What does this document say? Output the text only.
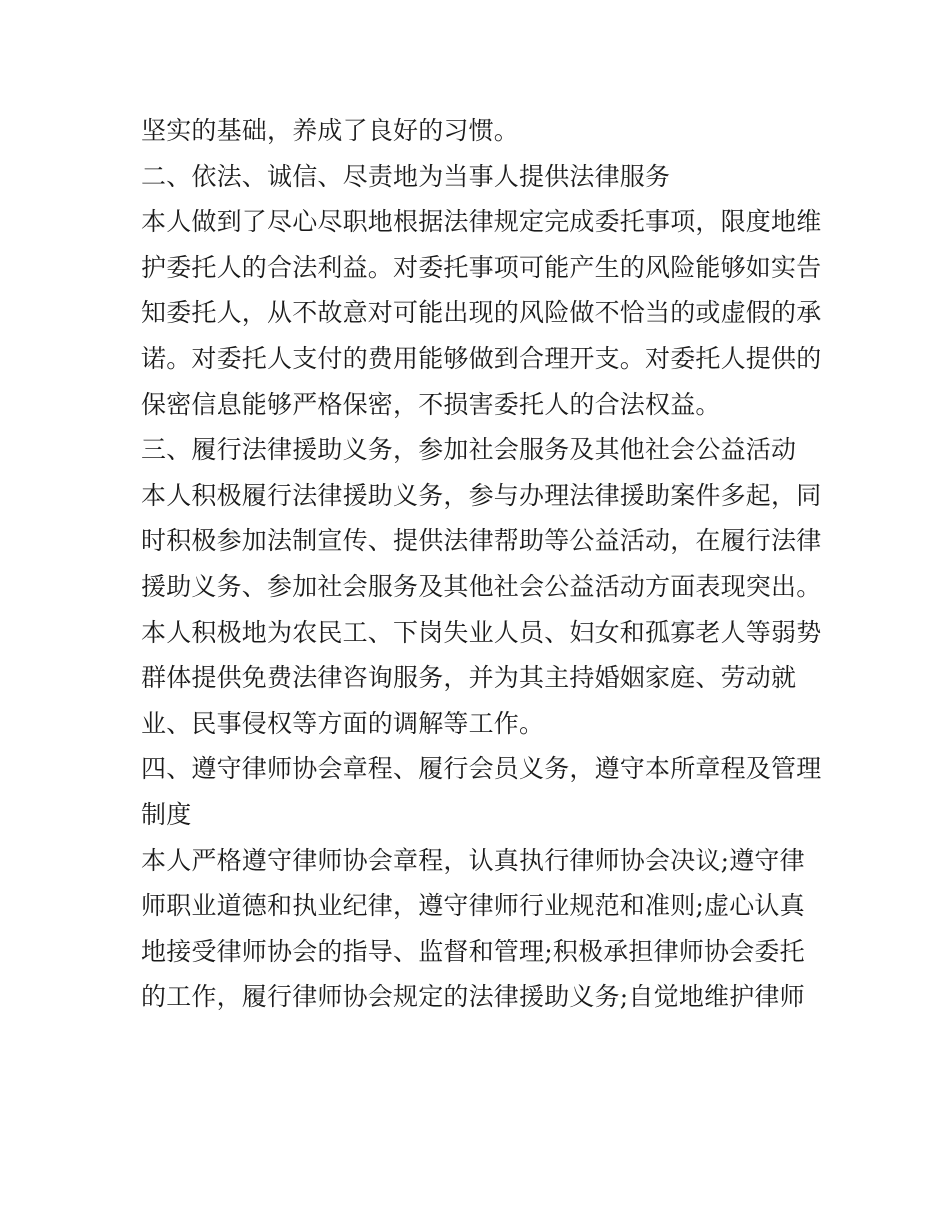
坚实的基础，养成了良好的习惯。
二、依法、诚信、尽责地为当事人提供法律服务
本人做到了尽心尽职地根据法律规定完成委托事项，限度地维
护委托人的合法利益。对委托事项可能产生的风险能够如实告
知委托人，从不故意对可能出现的风险做不恰当的或虚假的承
诺。对委托人支付的费用能够做到合理开支。对委托人提供的
保密信息能够严格保密，不损害委托人的合法权益。
三、履行法律援助义务，参加社会服务及其他社会公益活动
本人积极履行法律援助义务，参与办理法律援助案件多起，同
时积极参加法制宣传、提供法律帮助等公益活动，在履行法律
援助义务、参加社会服务及其他社会公益活动方面表现突出。
本人积极地为农民工、下岗失业人员、妇女和孤寡老人等弱势
群体提供免费法律咨询服务，并为其主持婚姻家庭、劳动就
业、民事侵权等方面的调解等工作。
四、遵守律师协会章程、履行会员义务，遵守本所章程及管理
制度
本人严格遵守律师协会章程，认真执行律师协会决议;遵守律
师职业道德和执业纪律，遵守律师行业规范和准则;虚心认真
地接受律师协会的指导、监督和管理;积极承担律师协会委托
的工作，履行律师协会规定的法律援助义务;自觉地维护律师
